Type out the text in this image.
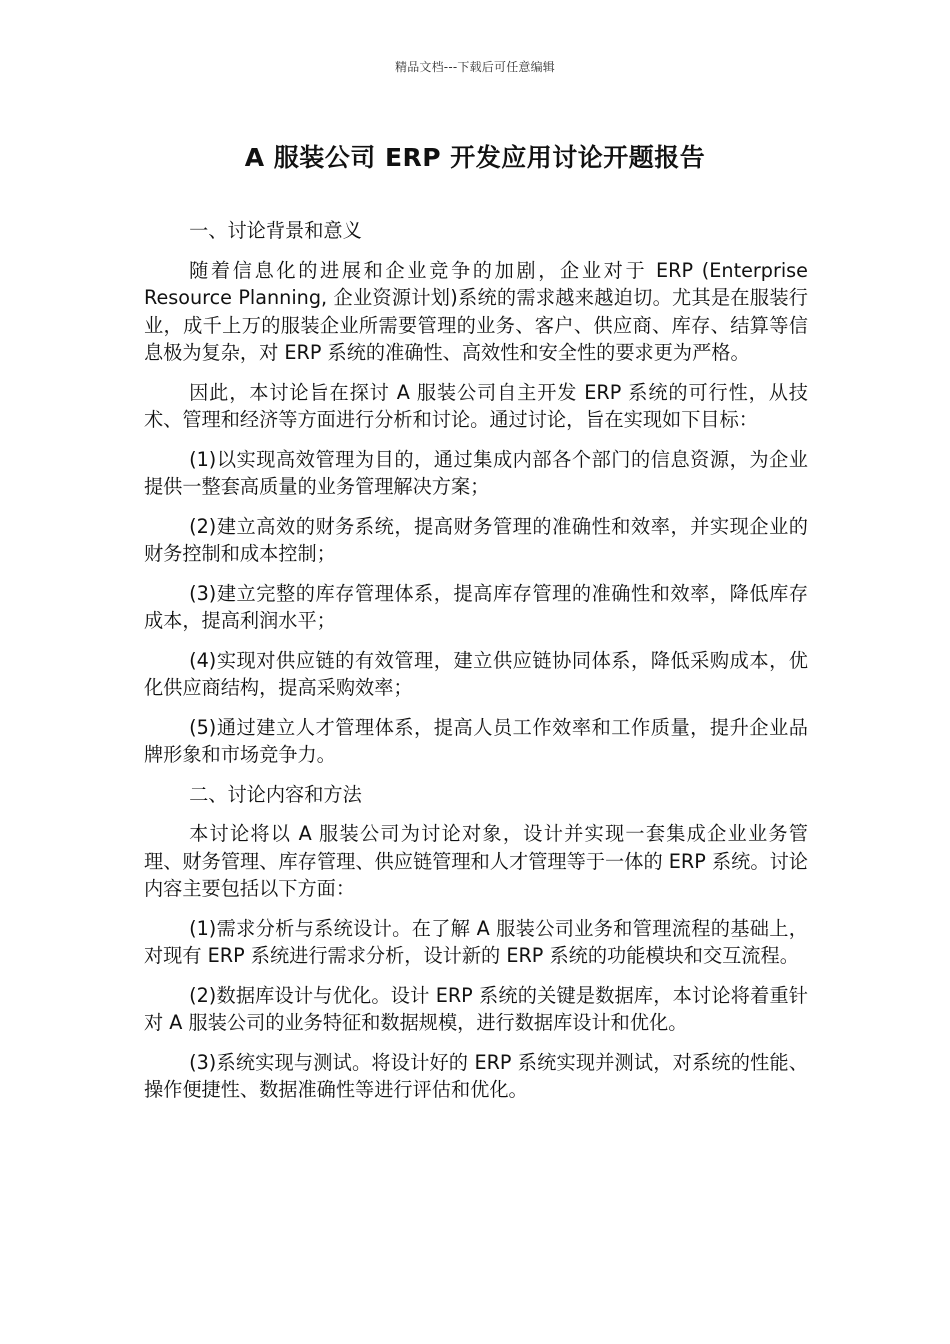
精品文档---下载后可任意编辑
A 服装公司 ERP 开发应用讨论开题报告

一、讨论背景和意义

随着信息化的进展和企业竞争的加剧，企业对于 ERP (Enterprise Resource Planning, 企业资源计划)系统的需求越来越迫切。尤其是在服装行业，成千上万的服装企业所需要管理的业务、客户、供应商、库存、结算等信息极为复杂，对 ERP 系统的准确性、高效性和安全性的要求更为严格。

因此，本讨论旨在探讨 A 服装公司自主开发 ERP 系统的可行性，从技术、管理和经济等方面进行分析和讨论。通过讨论，旨在实现如下目标：

(1)以实现高效管理为目的，通过集成内部各个部门的信息资源，为企业提供一整套高质量的业务管理解决方案；

(2)建立高效的财务系统，提高财务管理的准确性和效率，并实现企业的财务控制和成本控制；

(3)建立完整的库存管理体系，提高库存管理的准确性和效率，降低库存成本，提高利润水平；

(4)实现对供应链的有效管理，建立供应链协同体系，降低采购成本，优化供应商结构，提高采购效率；

(5)通过建立人才管理体系，提高人员工作效率和工作质量，提升企业品牌形象和市场竞争力。

二、讨论内容和方法

本讨论将以 A 服装公司为讨论对象，设计并实现一套集成企业业务管理、财务管理、库存管理、供应链管理和人才管理等于一体的 ERP 系统。讨论内容主要包括以下方面：

(1)需求分析与系统设计。在了解 A 服装公司业务和管理流程的基础上，对现有 ERP 系统进行需求分析，设计新的 ERP 系统的功能模块和交互流程。

(2)数据库设计与优化。设计 ERP 系统的关键是数据库，本讨论将着重针对 A 服装公司的业务特征和数据规模，进行数据库设计和优化。

(3)系统实现与测试。将设计好的 ERP 系统实现并测试，对系统的性能、操作便捷性、数据准确性等进行评估和优化。
